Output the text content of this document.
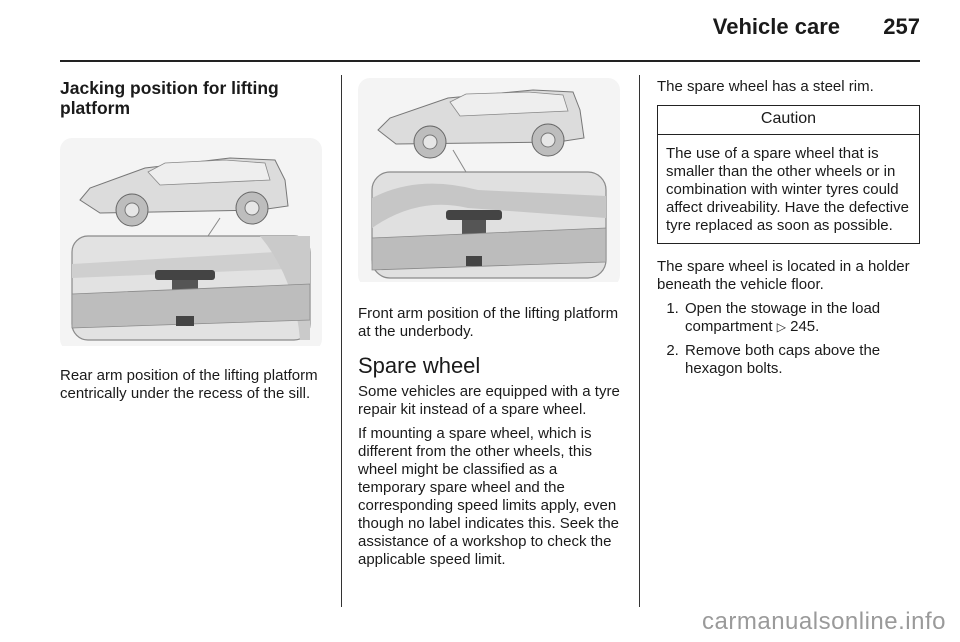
Vehicle care 257
Jacking position for lifting platform

Rear arm position of the lifting platform centrically under the recess of the sill.

Front arm position of the lifting platform at the underbody.

Spare wheel

Some vehicles are equipped with a tyre repair kit instead of a spare wheel.

If mounting a spare wheel, which is different from the other wheels, this wheel might be classified as a temporary spare wheel and the corresponding speed limits apply, even though no label indicates this. Seek the assistance of a workshop to check the applicable speed limit.

The spare wheel has a steel rim.

Caution
The use of a spare wheel that is smaller than the other wheels or in combination with winter tyres could affect driveability. Have the defective tyre replaced as soon as possible.

The spare wheel is located in a holder beneath the vehicle floor.

1. Open the stowage in the load compartment ▷ 245.
2. Remove both caps above the hexagon bolts.
carmanualsonline.info
